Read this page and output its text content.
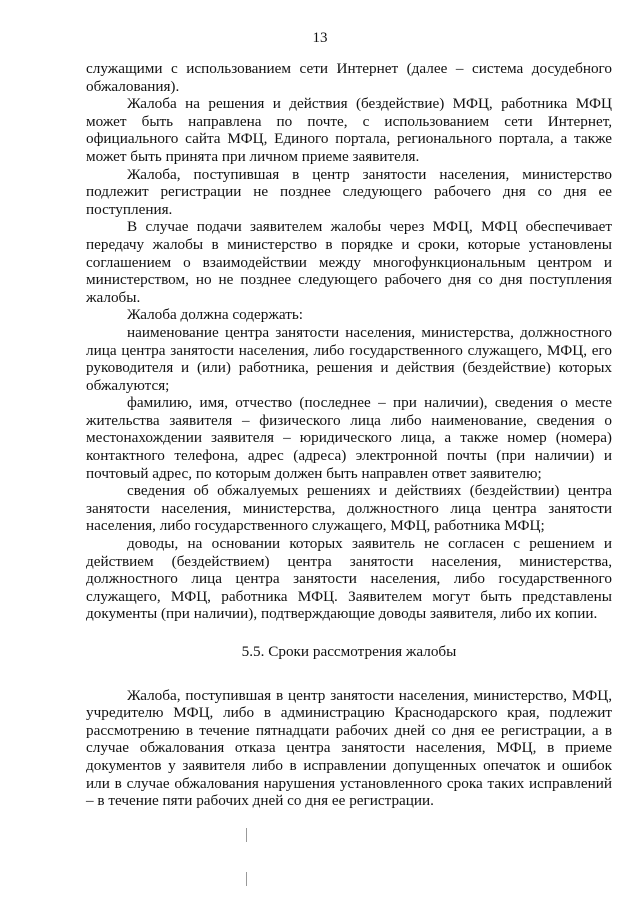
13

служащими с использованием сети Интернет (далее – система досудебного обжалования).

Жалоба на решения и действия (бездействие) МФЦ, работника МФЦ может быть направлена по почте, с использованием сети Интернет, официального сайта МФЦ, Единого портала, регионального портала, а также может быть принята при личном приеме заявителя.

Жалоба, поступившая в центр занятости населения, министерство подлежит регистрации не позднее следующего рабочего дня со дня ее поступления.

В случае подачи заявителем жалобы через МФЦ, МФЦ обеспечивает передачу жалобы в министерство в порядке и сроки, которые установлены соглашением о взаимодействии между многофункциональным центром и министерством, но не позднее следующего рабочего дня со дня поступления жалобы.

Жалоба должна содержать:

наименование центра занятости населения, министерства, должностного лица центра занятости населения, либо государственного служащего, МФЦ, его руководителя и (или) работника, решения и действия (бездействие) которых обжалуются;

фамилию, имя, отчество (последнее – при наличии), сведения о месте жительства заявителя – физического лица либо наименование, сведения о местонахождении заявителя – юридического лица, а также номер (номера) контактного телефона, адрес (адреса) электронной почты (при наличии) и почтовый адрес, по которым должен быть направлен ответ заявителю;

сведения об обжалуемых решениях и действиях (бездействии) центра занятости населения, министерства, должностного лица центра занятости населения, либо государственного служащего, МФЦ, работника МФЦ;

доводы, на основании которых заявитель не согласен с решением и действием (бездействием) центра занятости населения, министерства, должностного лица центра занятости населения, либо государственного служащего, МФЦ, работника МФЦ. Заявителем могут быть представлены документы (при наличии), подтверждающие доводы заявителя, либо их копии.

5.5. Сроки рассмотрения жалобы

Жалоба, поступившая в центр занятости населения, министерство, МФЦ, учредителю МФЦ, либо в администрацию Краснодарского края, подлежит рассмотрению в течение пятнадцати рабочих дней со дня ее регистрации, а в случае обжалования отказа центра занятости населения, МФЦ, в приеме документов у заявителя либо в исправлении допущенных опечаток и ошибок или в случае обжалования нарушения установленного срока таких исправлений – в течение пяти рабочих дней со дня ее регистрации.
